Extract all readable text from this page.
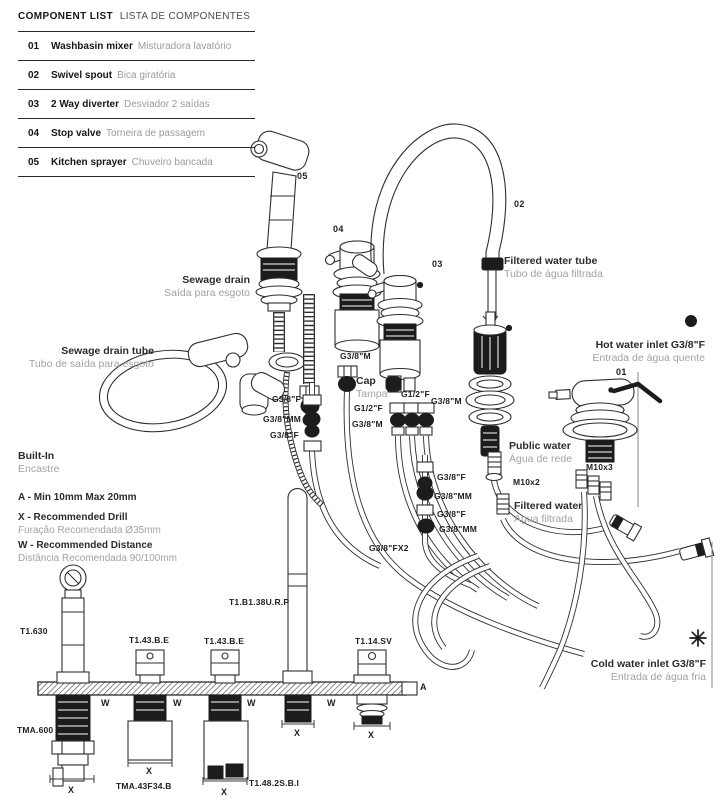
COMPONENT LIST LISTA DE COMPONENTES
01 Washbasin mixer Misturadora lavatório
02 Swivel spout Bica giratória
03 2 Way diverter Desviador 2 saídas
04 Stop valve Torneira de passagem
05 Kitchen sprayer Chuveiro bancada
05
04
03
02
01
Sewage drain
Saída para esgoto
Sewage drain tube
Tubo de saída para esgoto
Filtered water tube
Tubo de água filtrada
Hot water inlet G3/8"F
Entrada de água quente
Public water
Água de rede
Filtered water
Água filtrada
Cold water inlet G3/8"F
Entrada de água fria
Built-In
Encastre
Cap
Tampa
A - Min 10mm Max 20mm
X - Recommended Drill
Furação Recomendada Ø35mm
W - Recommended Distance
Distância Recomendada 90/100mm
G3/8"M
G1/2"F
G3/8"M
G1/2"F
G3/8"M
G3/8"F
G3/8"MM
G3/8"F
G3/8"F
G3/8"MM
G3/8"F
G3/8"MM
G3/8"FX2
M10x2
M10x3
T1.630
T1.43.B.E	T1.43.B.E
T1.B1.38U.R.P
T1.14.SV
TMA.600
TMA.43F34.B	T1.48.2S.B.I
W	W	W	W
X
X
X
X	X
A
